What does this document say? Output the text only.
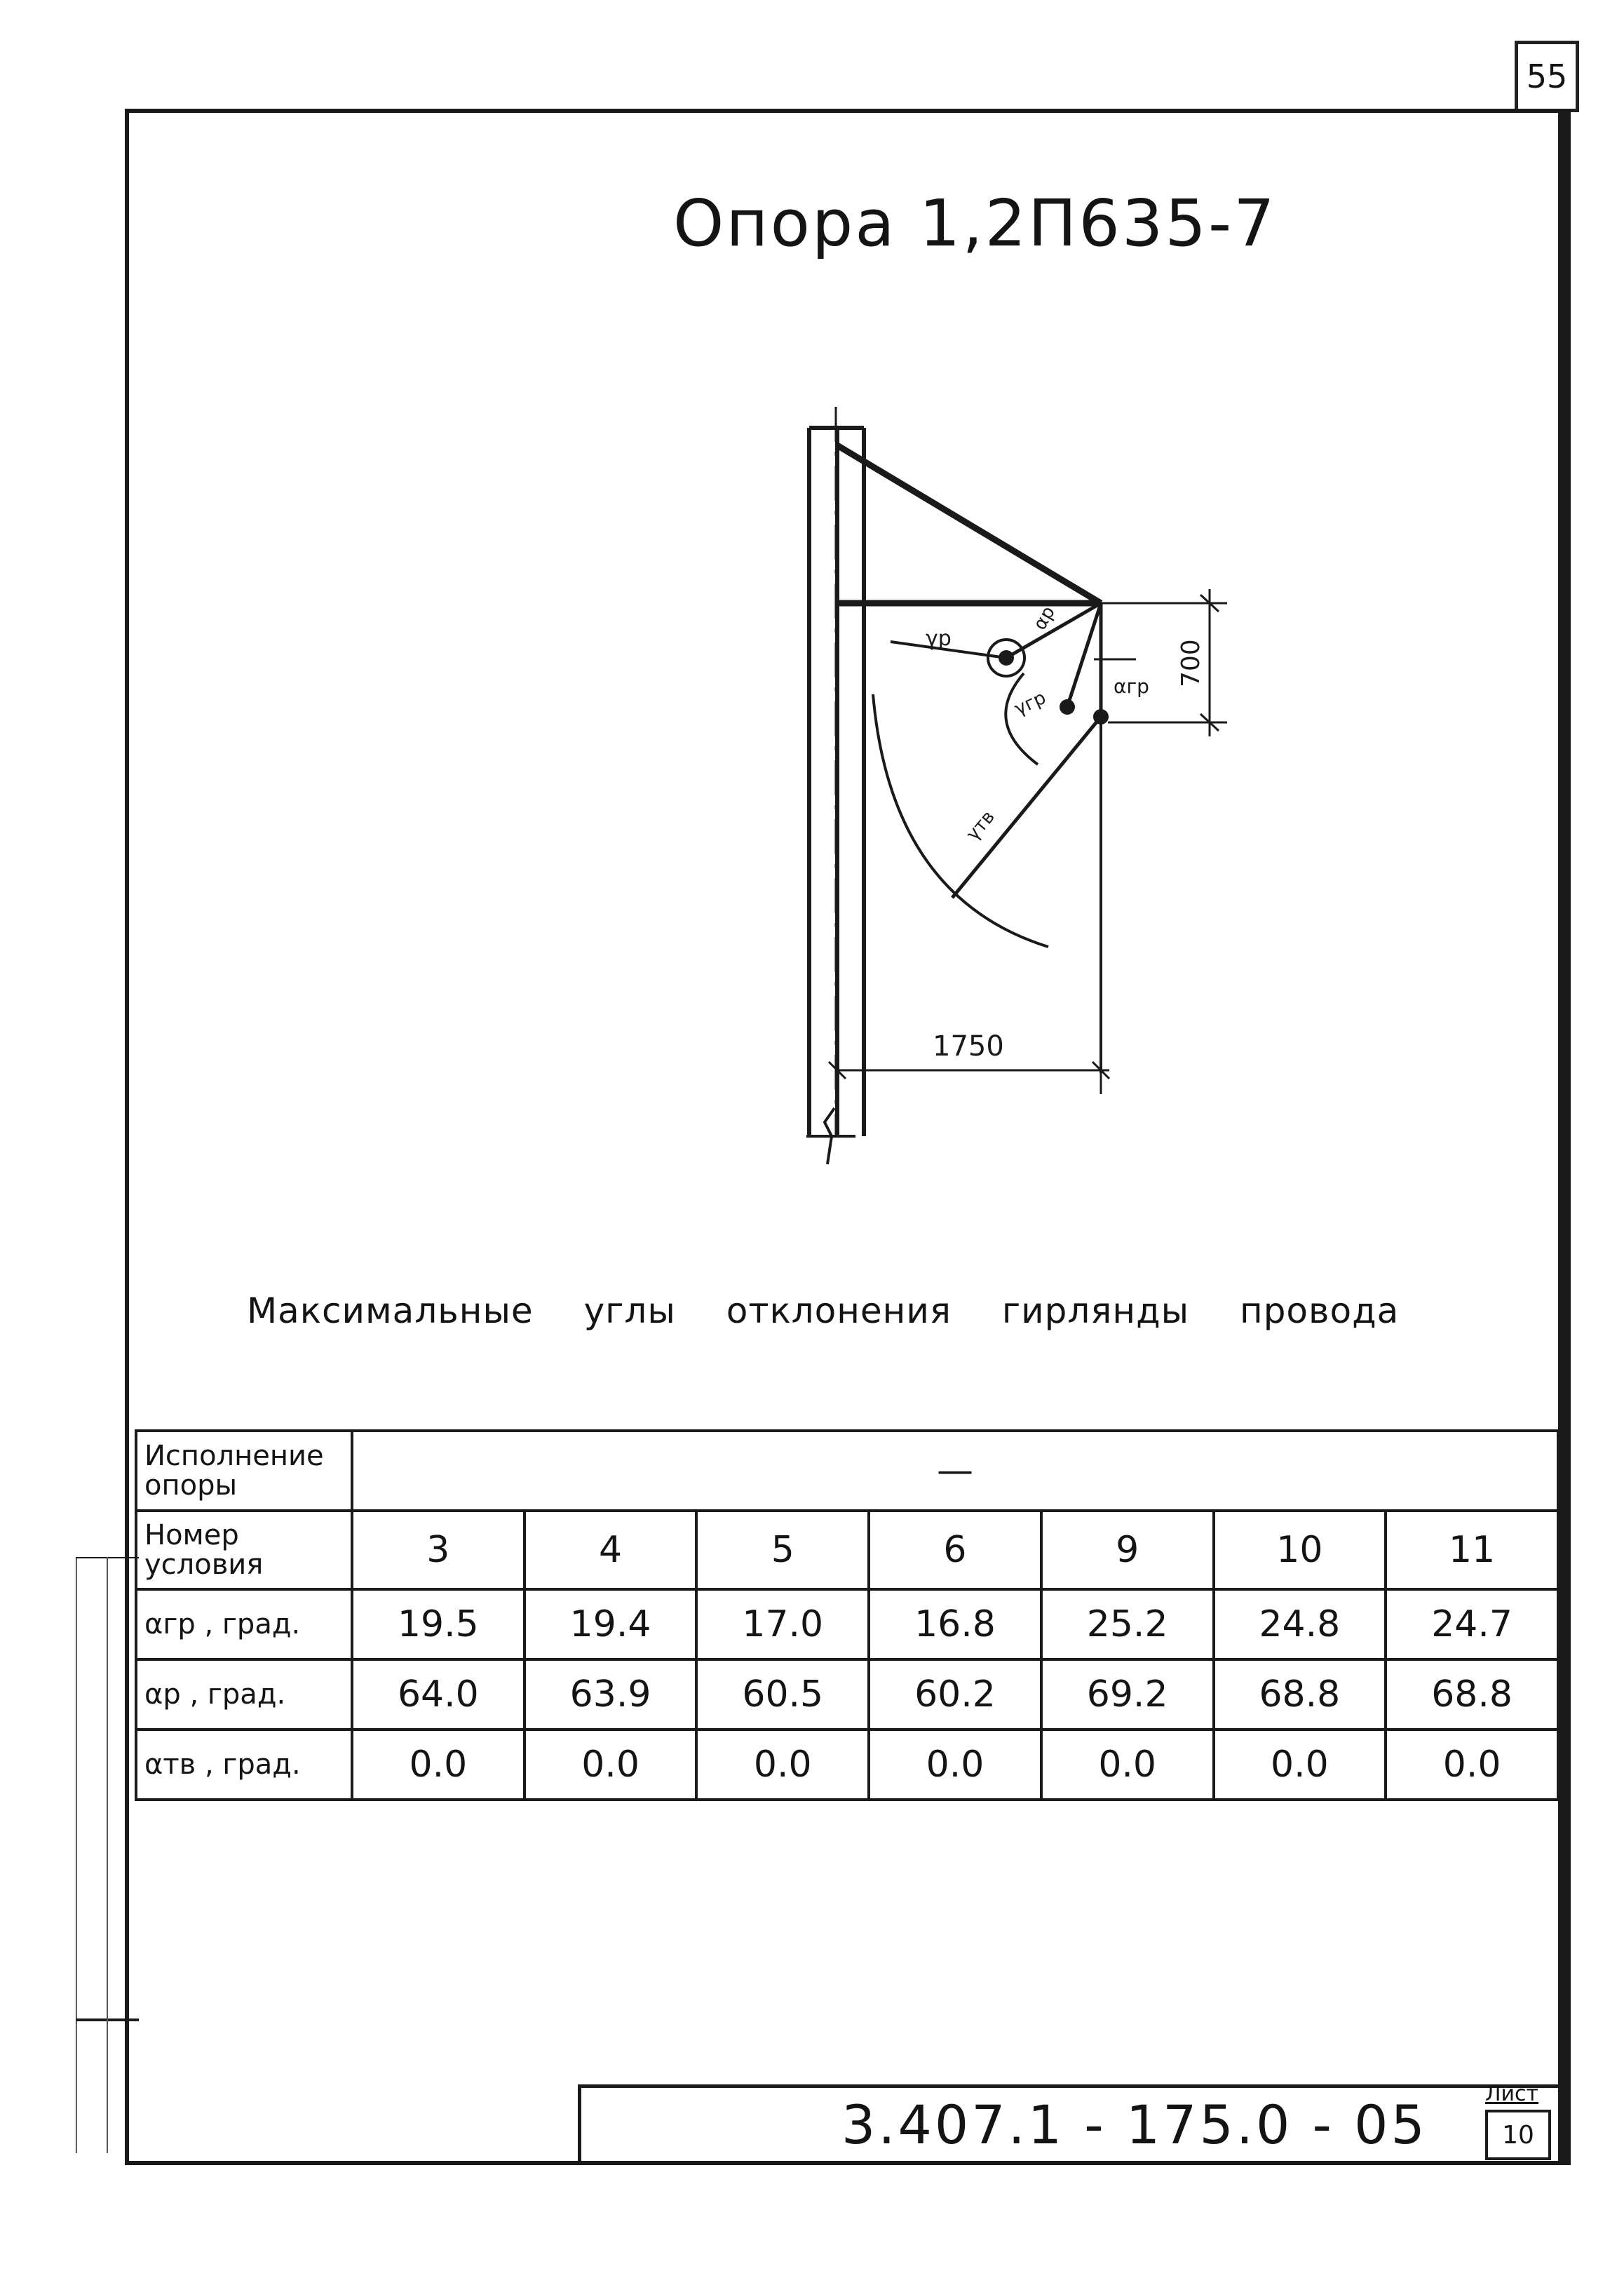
55
Опора 1,2П635-7
γр
αр
γгр
αгр
γтв
700
1750
Максимальные углы отклонения гирлянды провода
Исполнение опоры	—						
Номер условия	3	4	5	6	9	10	11
αгр , град.	19.5	19.4	17.0	16.8	25.2	24.8	24.7
αр , град.	64.0	63.9	60.5	60.2	69.2	68.8	68.8
αтв , град.	0.0	0.0	0.0	0.0	0.0	0.0	0.0
3.407.1 - 175.0 - 05	Лист
10
